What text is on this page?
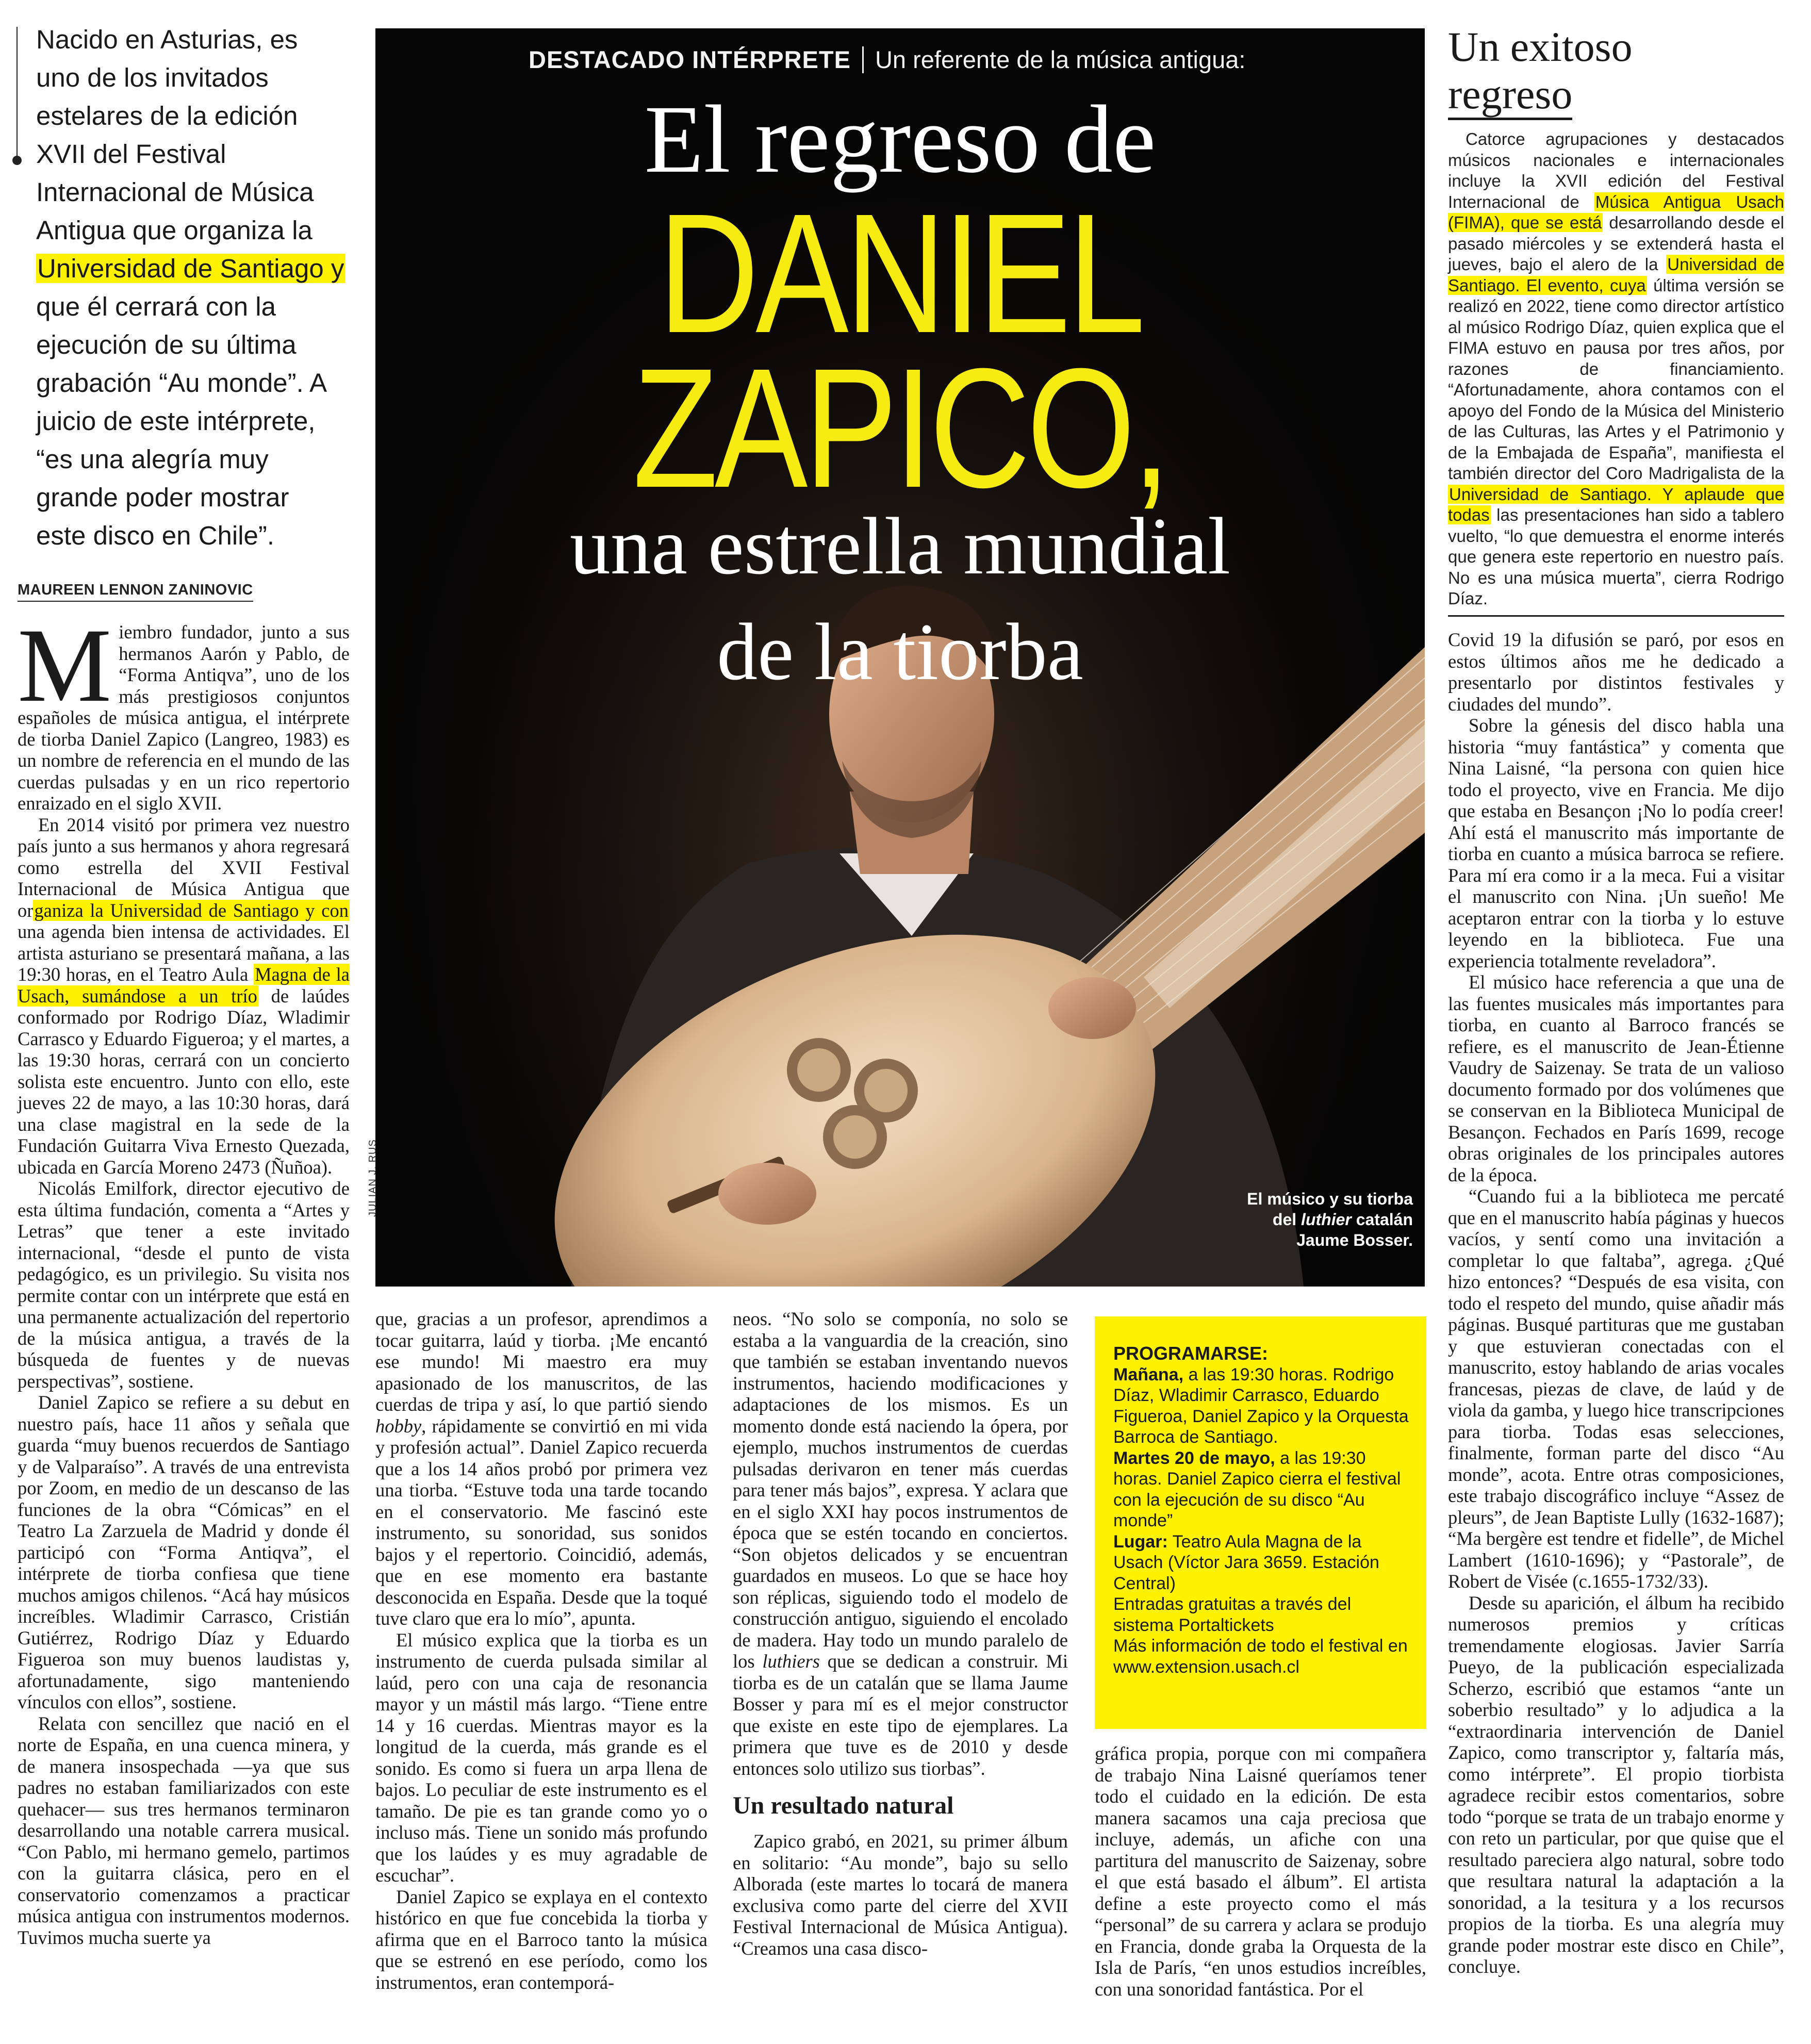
Nacido en Asturias, es uno de los invitados estelares de la edición XVII del Festival Internacional de Música Antigua que organiza la Universidad de Santiago y que él cerrará con la ejecución de su última grabación “Au monde”. A juicio de este intérprete, “es una alegría muy grande poder mostrar este disco en Chile”.
MAUREEN LENNON ZANINOVIC

Miembro fundador, junto a sus hermanos Aarón y Pablo, de “Forma Antiqva”, uno de los más prestigiosos conjuntos españoles de música antigua, el intérprete de tiorba Daniel Zapico (Langreo, 1983) es un nombre de referencia en el mundo de las cuerdas pulsadas y en un rico repertorio enraizado en el siglo XVII.

En 2014 visitó por primera vez nuestro país junto a sus hermanos y ahora regresará como estrella del XVII Festival Internacional de Música Antigua que organiza la Universidad de Santiago y con una agenda bien intensa de actividades. El artista asturiano se presentará mañana, a las 19:30 horas, en el Teatro Aula Magna de la Usach, sumándose a un trío de laúdes conformado por Rodrigo Díaz, Wladimir Carrasco y Eduardo Figueroa; y el martes, a las 19:30 horas, cerrará con un concierto solista este encuentro. Junto con ello, este jueves 22 de mayo, a las 10:30 horas, dará una clase magistral en la sede de la Fundación Guitarra Viva Ernesto Quezada, ubicada en García Moreno 2473 (Ñuñoa).

Nicolás Emilfork, director ejecutivo de esta última fundación, comenta a “Artes y Letras” que tener a este invitado internacional, “desde el punto de vista pedagógico, es un privilegio. Su visita nos permite contar con un intérprete que está en una permanente actualización del repertorio de la música antigua, a través de la búsqueda de fuentes y de nuevas perspectivas”, sostiene.

Daniel Zapico se refiere a su debut en nuestro país, hace 11 años y señala que guarda “muy buenos recuerdos de Santiago y de Valparaíso”. A través de una entrevista por Zoom, en medio de un descanso de las funciones de la obra “Cómicas” en el Teatro La Zarzuela de Madrid y donde él participó con “Forma Antiqva”, el intérprete de tiorba confiesa que tiene muchos amigos chilenos. “Acá hay músicos increíbles. Wladimir Carrasco, Cristián Gutiérrez, Rodrigo Díaz y Eduardo Figueroa son muy buenos laudistas y, afortunadamente, sigo manteniendo vínculos con ellos”, sostiene.

Relata con sencillez que nació en el norte de España, en una cuenca minera, y de manera insospechada —ya que sus padres no estaban familiarizados con este quehacer— sus tres hermanos terminaron desarrollando una notable carrera musical. “Con Pablo, mi hermano gemelo, partimos con la guitarra clásica, pero en el conservatorio comenzamos a practicar música antigua con instrumentos modernos. Tuvimos mucha suerte ya

DESTACADO INTÉRPRETE Un referente de la música antigua:
El regreso de
DANIEL
ZAPICO,
una estrella mundial
de la tiorba
El músico y su tiorba
del luthier catalán
Jaume Bosser.
JULIAN J. RUS

que, gracias a un profesor, aprendimos a tocar guitarra, laúd y tiorba. ¡Me encantó ese mundo! Mi maestro era muy apasionado de los manuscritos, de las cuerdas de tripa y así, lo que partió siendo hobby, rápidamente se convirtió en mi vida y profesión actual”. Daniel Zapico recuerda que a los 14 años probó por primera vez una tiorba. “Estuve toda una tarde tocando en el conservatorio. Me fascinó este instrumento, su sonoridad, sus sonidos bajos y el repertorio. Coincidió, además, que en ese momento era bastante desconocida en España. Desde que la toqué tuve claro que era lo mío”, apunta.

El músico explica que la tiorba es un instrumento de cuerda pulsada similar al laúd, pero con una caja de resonancia mayor y un mástil más largo. “Tiene entre 14 y 16 cuerdas. Mientras mayor es la longitud de la cuerda, más grande es el sonido. Es como si fuera un arpa llena de bajos. Lo peculiar de este instrumento es el tamaño. De pie es tan grande como yo o incluso más. Tiene un sonido más profundo que los laúdes y es muy agradable de escuchar”.

Daniel Zapico se explaya en el contexto histórico en que fue concebida la tiorba y afirma que en el Barroco tanto la música que se estrenó en ese período, como los instrumentos, eran contemporá-

neos. “No solo se componía, no solo se estaba a la vanguardia de la creación, sino que también se estaban inventando nuevos instrumentos, haciendo modificaciones y adaptaciones de los mismos. Es un momento donde está naciendo la ópera, por ejemplo, muchos instrumentos de cuerdas pulsadas derivaron en tener más cuerdas para tener más bajos”, expresa. Y aclara que en el siglo XXI hay pocos instrumentos de época que se estén tocando en conciertos. “Son objetos delicados y se encuentran guardados en museos. Lo que se hace hoy son réplicas, siguiendo todo el modelo de construcción antiguo, siguiendo el encolado de madera. Hay todo un mundo paralelo de los luthiers que se dedican a construir. Mi tiorba es de un catalán que se llama Jaume Bosser y para mí es el mejor constructor que existe en este tipo de ejemplares. La primera que tuve es de 2010 y desde entonces solo utilizo sus tiorbas”.

Un resultado natural

Zapico grabó, en 2021, su primer álbum en solitario: “Au monde”, bajo su sello Alborada (este martes lo tocará de manera exclusiva como parte del cierre del XVII Festival Internacional de Música Antigua). “Creamos una casa disco-

PROGRAMARSE:
Mañana, a las 19:30 horas. Rodrigo Díaz, Wladimir Carrasco, Eduardo Figueroa, Daniel Zapico y la Orquesta Barroca de Santiago.
Martes 20 de mayo, a las 19:30 horas. Daniel Zapico cierra el festival con la ejecución de su disco “Au monde”
Lugar: Teatro Aula Magna de la Usach (Víctor Jara 3659. Estación Central)
Entradas gratuitas a través del sistema Portaltickets
Más información de todo el festival en www.extension.usach.cl

gráfica propia, porque con mi compañera de trabajo Nina Laisné queríamos tener todo el cuidado en la edición. De esta manera sacamos una caja preciosa que incluye, además, un afiche con una partitura del manuscrito de Saizenay, sobre el que está basado el álbum”. El artista define a este proyecto como el más “personal” de su carrera y aclara se produjo en Francia, donde graba la Orquesta de la Isla de París, “en unos estudios increíbles, con una sonoridad fantástica. Por el

Un exitoso
regreso

Catorce agrupaciones y destacados músicos nacionales e internacionales incluye la XVII edición del Festival Internacional de Música Antigua Usach (FIMA), que se está desarrollando desde el pasado miércoles y se extenderá hasta el jueves, bajo el alero de la Universidad de Santiago. El evento, cuya última versión se realizó en 2022, tiene como director artístico al músico Rodrigo Díaz, quien explica que el FIMA estuvo en pausa por tres años, por razones de financiamiento. “Afortunadamente, ahora contamos con el apoyo del Fondo de la Música del Ministerio de las Culturas, las Artes y el Patrimonio y de la Embajada de España”, manifiesta el también director del Coro Madrigalista de la Universidad de Santiago. Y aplaude que todas las presentaciones han sido a tablero vuelto, “lo que demuestra el enorme interés que genera este repertorio en nuestro país. No es una música muerta”, cierra Rodrigo Díaz.

Covid 19 la difusión se paró, por esos en estos últimos años me he dedicado a presentarlo por distintos festivales y ciudades del mundo”.

Sobre la génesis del disco habla una historia “muy fantástica” y comenta que Nina Laisné, “la persona con quien hice todo el proyecto, vive en Francia. Me dijo que estaba en Besançon ¡No lo podía creer! Ahí está el manuscrito más importante de tiorba en cuanto a música barroca se refiere. Para mí era como ir a la meca. Fui a visitar el manuscrito con Nina. ¡Un sueño! Me aceptaron entrar con la tiorba y lo estuve leyendo en la biblioteca. Fue una experiencia totalmente reveladora”.

El músico hace referencia a que una de las fuentes musicales más importantes para tiorba, en cuanto al Barroco francés se refiere, es el manuscrito de Jean-Étienne Vaudry de Saizenay. Se trata de un valioso documento formado por dos volúmenes que se conservan en la Biblioteca Municipal de Besançon. Fechados en París 1699, recoge obras originales de los principales autores de la época.

“Cuando fui a la biblioteca me percaté que en el manuscrito había páginas y huecos vacíos, y sentí como una invitación a completar lo que faltaba”, agrega. ¿Qué hizo entonces? “Después de esa visita, con todo el respeto del mundo, quise añadir más páginas. Busqué partituras que me gustaban y que estuvieran conectadas con el manuscrito, estoy hablando de arias vocales francesas, piezas de clave, de laúd y de viola da gamba, y luego hice transcripciones para tiorba. Todas esas selecciones, finalmente, forman parte del disco “Au monde”, acota. Entre otras composiciones, este trabajo discográfico incluye “Assez de pleurs”, de Jean Baptiste Lully (1632-1687); “Ma bergère est tendre et fidelle”, de Michel Lambert (1610-1696); y “Pastorale”, de Robert de Visée (c.1655-1732/33).

Desde su aparición, el álbum ha recibido numerosos premios y críticas tremendamente elogiosas. Javier Sarría Pueyo, de la publicación especializada Scherzo, escribió que estamos “ante un soberbio resultado” y lo adjudica a la “extraordinaria intervención de Daniel Zapico, como transcriptor y, faltaría más, como intérprete”. El propio tiorbista agradece recibir estos comentarios, sobre todo “porque se trata de un trabajo enorme y con reto un particular, por que quise que el resultado pareciera algo natural, sobre todo que resultara natural la adaptación a la sonoridad, a la tesitura y a los recursos propios de la tiorba. Es una alegría muy grande poder mostrar este disco en Chile”, concluye.
